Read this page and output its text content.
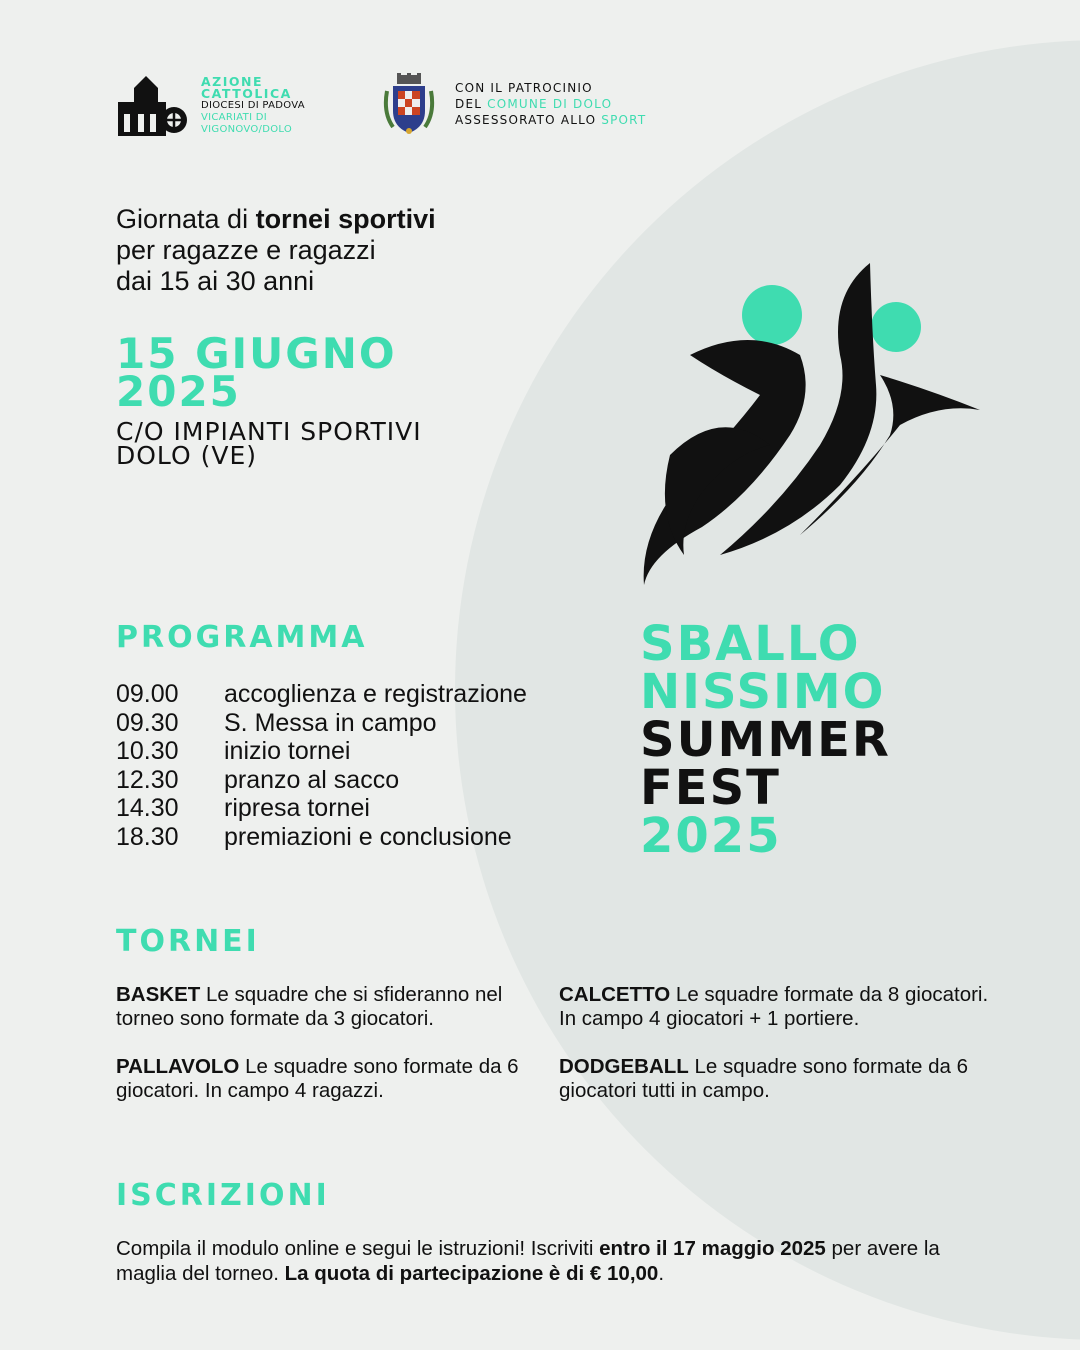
AZIONE
CATTOLICA
DIOCESI DI PADOVA
VICARIATI DI
VIGONOVO/DOLO
CON IL PATROCINIO
DEL COMUNE DI DOLO
ASSESSORATO ALLO SPORT
Giornata di tornei sportivi
per ragazze e ragazzi
dai 15 ai 30 anni
15 GIUGNO
2025
C/O IMPIANTI SPORTIVI
DOLO (VE)
SBALLO
NISSIMO
SUMMER
FEST
2025
PROGRAMMA
09.00	accoglienza e registrazione
09.30	S. Messa in campo
10.30	inizio tornei
12.30	pranzo al sacco
14.30	ripresa tornei
18.30	premiazioni e conclusione
TORNEI
BASKET Le squadre che si sfideranno nel torneo sono formate da 3 giocatori.
CALCETTO Le squadre formate da 8 giocatori. In campo 4 giocatori + 1 portiere.
PALLAVOLO Le squadre sono formate da 6 giocatori. In campo 4 ragazzi.
DODGEBALL Le squadre sono formate da 6 giocatori tutti in campo.
ISCRIZIONI
Compila il modulo online e segui le istruzioni! Iscriviti entro il 17 maggio 2025 per avere la maglia del torneo. La quota di partecipazione è di € 10,00.
